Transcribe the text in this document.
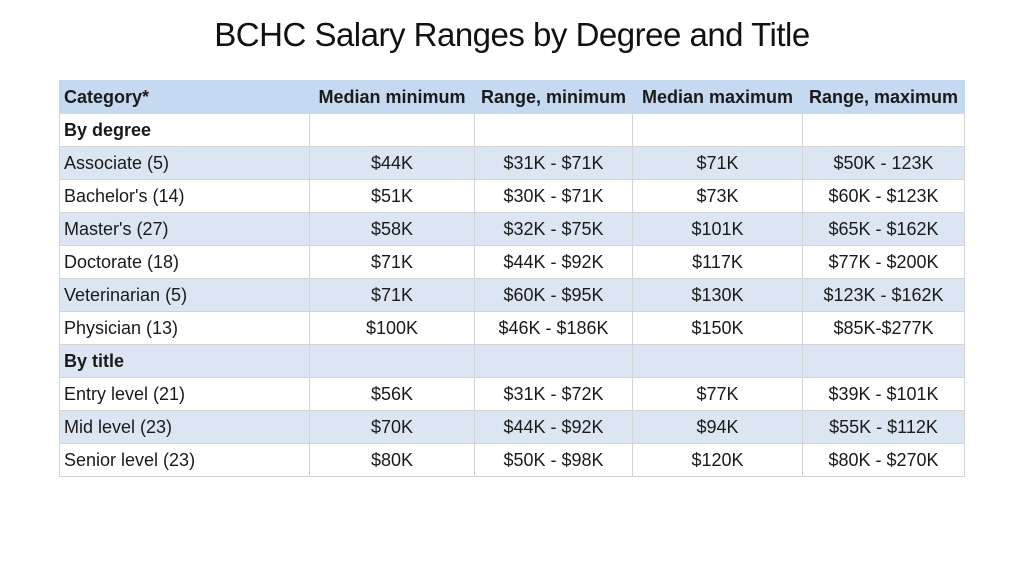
BCHC Salary Ranges by Degree and Title
Category*	Median minimum	Range, minimum	Median maximum	Range, maximum
By degree				
Associate (5)	$44K	$31K - $71K	$71K	$50K - 123K
Bachelor's (14)	$51K	$30K - $71K	$73K	$60K - $123K
Master's (27)	$58K	$32K - $75K	$101K	$65K - $162K
Doctorate (18)	$71K	$44K - $92K	$117K	$77K - $200K
Veterinarian (5)	$71K	$60K - $95K	$130K	$123K - $162K
Physician (13)	$100K	$46K - $186K	$150K	$85K-$277K
By title				
Entry level (21)	$56K	$31K - $72K	$77K	$39K - $101K
Mid level (23)	$70K	$44K - $92K	$94K	$55K - $112K
Senior level (23)	$80K	$50K - $98K	$120K	$80K - $270K
